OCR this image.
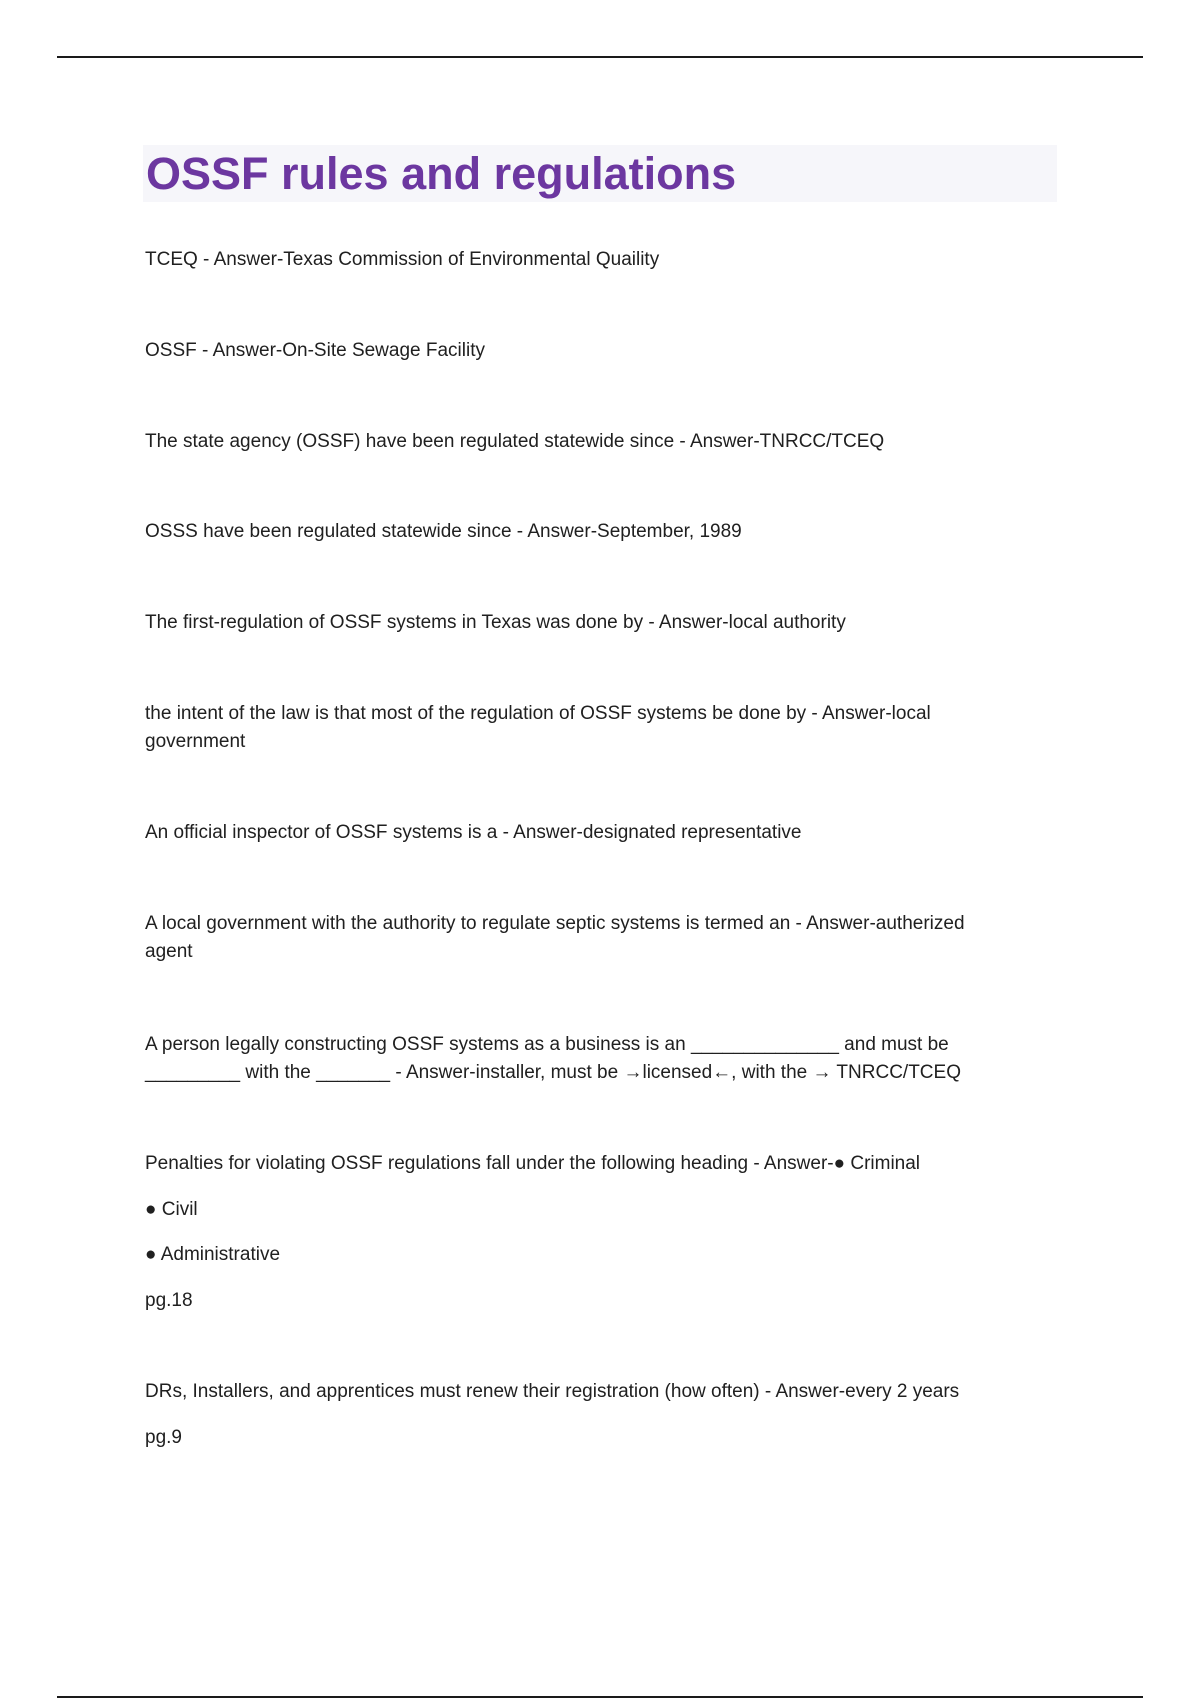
OSSF rules and regulations
TCEQ - Answer-Texas Commission of Environmental Quaility
OSSF - Answer-On-Site Sewage Facility
The state agency (OSSF) have been regulated statewide since - Answer-TNRCC/TCEQ
OSSS have been regulated statewide since - Answer-September, 1989
The first-regulation of OSSF systems in Texas was done by - Answer-local authority
the intent of the law is that most of the regulation of OSSF systems be done by - Answer-local
government
An official inspector of OSSF systems is a - Answer-designated representative
A local government with the authority to regulate septic systems is termed an - Answer-autherized
agent
A person legally constructing OSSF systems as a business is an ______________ and must be
_________ with the _______ - Answer-installer, must be →licensed←, with the → TNRCC/TCEQ
Penalties for violating OSSF regulations fall under the following heading - Answer-● Criminal
● Civil
● Administrative
pg.18
DRs, Installers, and apprentices must renew their registration (how often) - Answer-every 2 years
pg.9
